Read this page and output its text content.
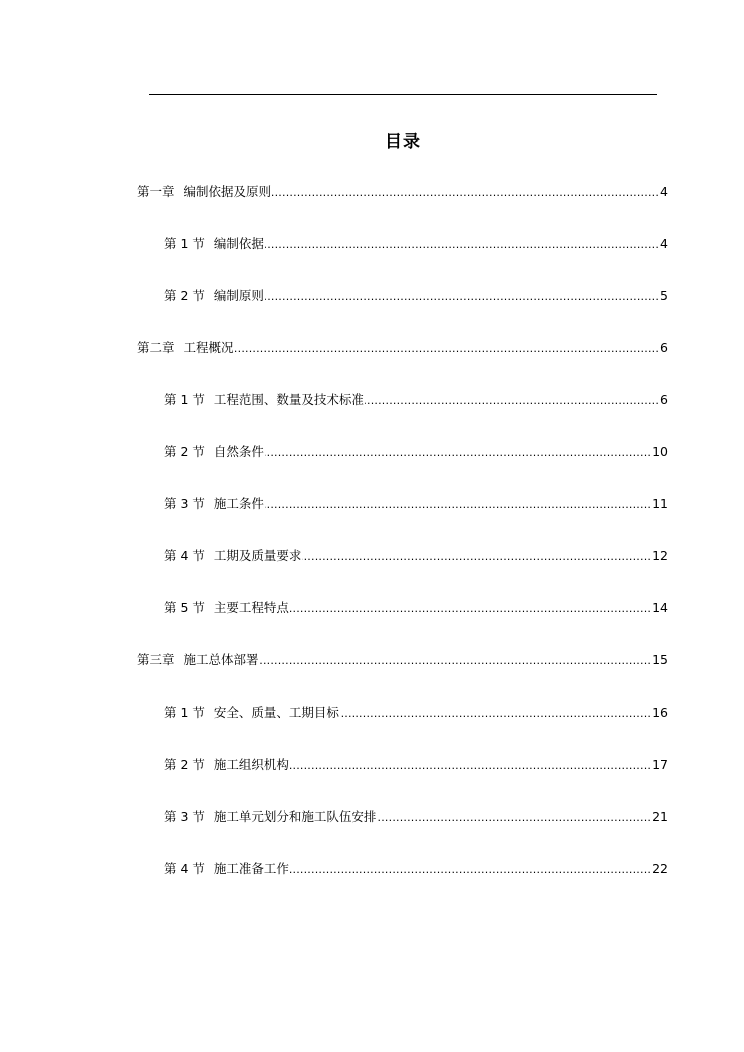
目录
第一章 编制依据及原则 .....	4
第 1 节 编制依据 .....	4
第 2 节 编制原则 .....	5
第二章 工程概况 .....	6
第 1 节 工程范围、数量及技术标准 .....	6
第 2 节 自然条件 .....	10
第 3 节 施工条件 .....	11
第 4 节 工期及质量要求 .....	12
第 5 节 主要工程特点 .....	14
第三章 施工总体部署 .....	15
第 1 节 安全、质量、工期目标 .....	16
第 2 节 施工组织机构 .....	17
第 3 节 施工单元划分和施工队伍安排 .....	21
第 4 节 施工准备工作 .....	22
